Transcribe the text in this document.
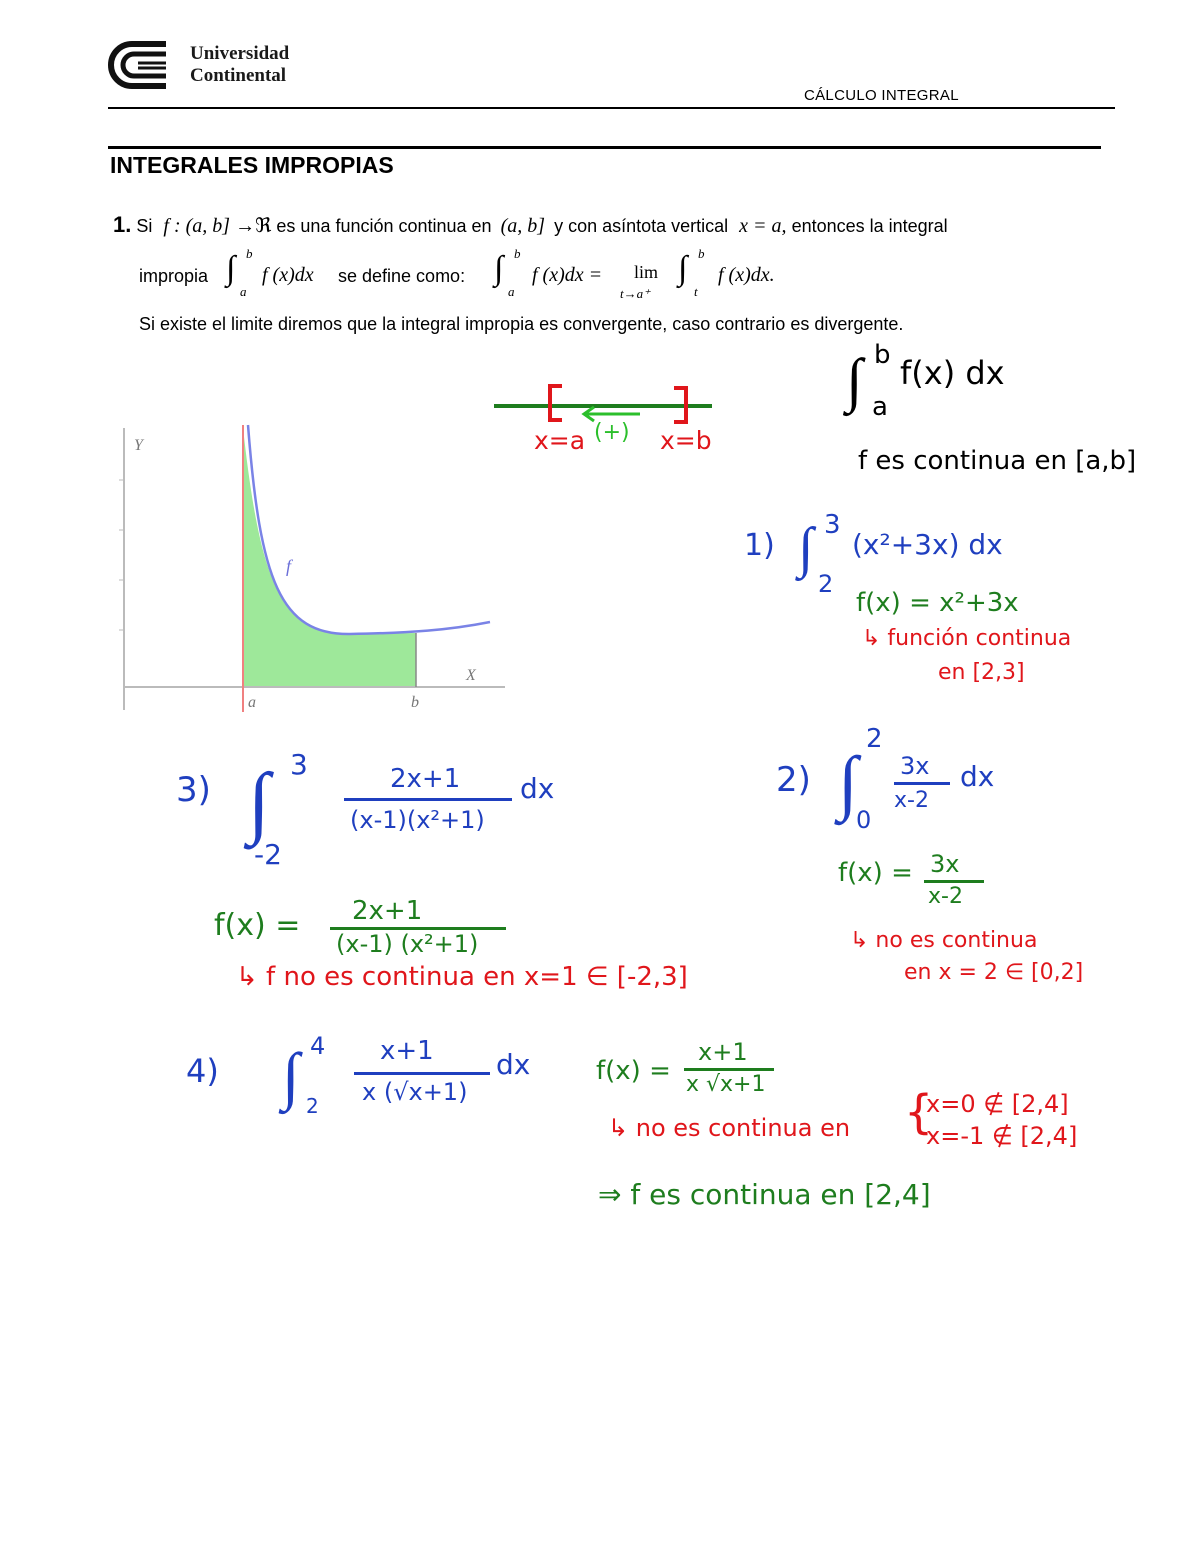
Universidad
Continental
CÁLCULO INTEGRAL
INTEGRALES IMPROPIAS
1. Si f : (a, b] →ℜ es una función continua en (a, b] y con asíntota vertical x = a, entonces la integral
impropia ∫ b
a
f (x)dx se define como: ∫ b
a
f (x)dx = lim
t→a⁺
∫ b
t
f (x)dx.
Si existe el limite diremos que la integral impropia es convergente, caso contrario es divergente.
Y
X
f
a	b
x=a (+) x=b
∫ b
a
f(x) dx
f es continua en [a,b]
1) ∫ 3
2
(x²+3x) dx
f(x) = x²+3x
↳ función continua
en [2,3]
3) ∫ 3
-2
2x+1
(x-1)(x²+1)
dx
f(x) = 2x+1
(x-1) (x²+1)
↳ f no es continua en x=1 ∈ [-2,3]
2) ∫
2
0
3x
x-2
dx
f(x) = 3x
x-2
↳ no es continua
en x = 2 ∈ [0,2]
4) ∫ 4
2
x+1
x (√x+1)
dx	f(x) =
x+1
x √x+1
↳ no es continua en {
x=0 ∉ [2,4]
x=-1 ∉ [2,4]
⇒ f es continua en [2,4]
